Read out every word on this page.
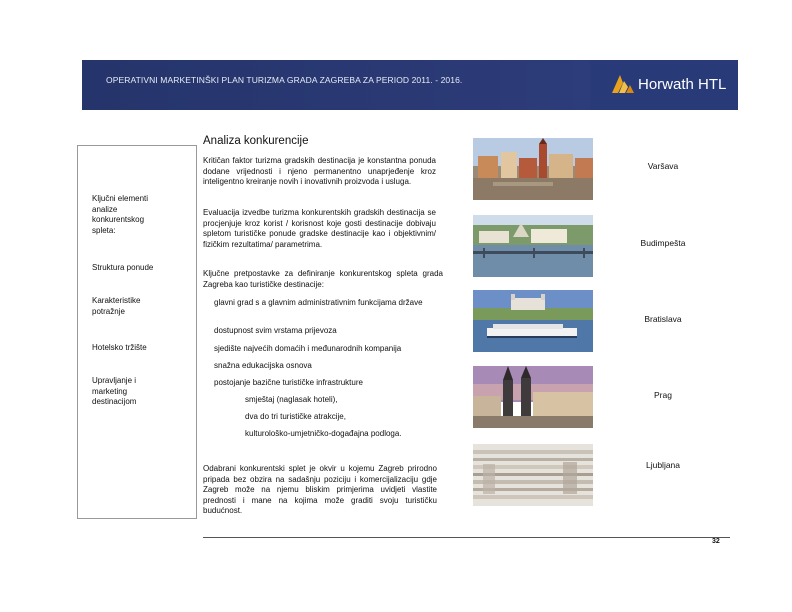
OPERATIVNI MARKETINŠKI PLAN TURIZMA GRADA ZAGREBA ZA PERIOD 2011. - 2016.	Horwath HTL
Analiza konkurencije
Ključni elementi analize konkurentskog spleta:
Struktura ponude
Karakteristike potražnje
Hotelsko tržište
Upravljanje i marketing destinacijom
Kritičan faktor turizma gradskih destinacija je konstantna ponuda dodane vrijednosti i njeno permanentno unaprjeđenje kroz inteligentno kreiranje novih i inovativnih proizvoda i usluga.
Evaluacija izvedbe turizma konkurentskih gradskih destinacija se procjenjuje kroz korist / korisnost koje gosti destinacije dobivaju spletom turističke ponude gradske destinacije kao i objektivnim/ fizičkim rezultatima/ parametrima.
Ključne pretpostavke za definiranje konkurentskog spleta grada Zagreba kao turističke destinacije:
glavni grad s a glavnim administrativnim funkcijama države
dostupnost svim vrstama prijevoza
sjedište najvećih domaćih i međunarodnih kompanija
snažna edukacijska osnova
postojanje bazične turističke infrastrukture
smještaj (naglasak hoteli),
dva do tri turističke atrakcije,
kulturološko-umjetničko-događajna podloga.
Odabrani konkurentski splet je okvir u kojemu Zagreb prirodno pripada bez obzira na sadašnju poziciju i komercijalizaciju gdje Zagreb može na njemu bliskim primjerima uvidjeti vlastite prednosti i mane na kojima može graditi svoju turističku budućnost.
Varšava
Budimpešta
Bratislava
Prag
Ljubljana
32
